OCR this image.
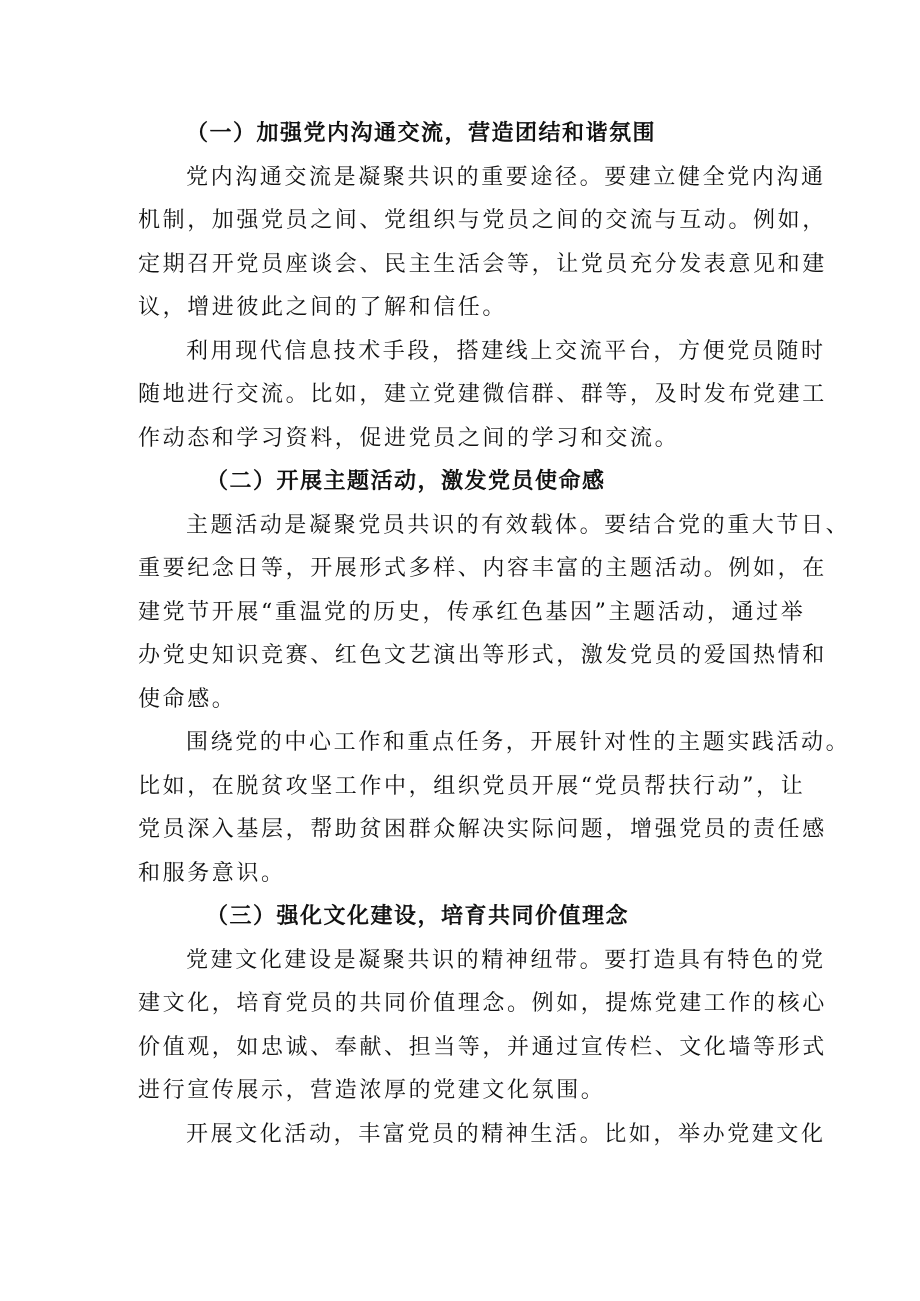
（一）加强党内沟通交流，营造团结和谐氛围
党内沟通交流是凝聚共识的重要途径。要建立健全党内沟通
机制，加强党员之间、党组织与党员之间的交流与互动。例如，
定期召开党员座谈会、民主生活会等，让党员充分发表意见和建
议，增进彼此之间的了解和信任。
利用现代信息技术手段，搭建线上交流平台，方便党员随时
随地进行交流。比如，建立党建微信群、群等，及时发布党建工
作动态和学习资料，促进党员之间的学习和交流。
（二）开展主题活动，激发党员使命感
主题活动是凝聚党员共识的有效载体。要结合党的重大节日、
重要纪念日等，开展形式多样、内容丰富的主题活动。例如，在
建党节开展“重温党的历史，传承红色基因”主题活动，通过举
办党史知识竞赛、红色文艺演出等形式，激发党员的爱国热情和
使命感。
围绕党的中心工作和重点任务，开展针对性的主题实践活动。
比如，在脱贫攻坚工作中，组织党员开展“党员帮扶行动”，让
党员深入基层，帮助贫困群众解决实际问题，增强党员的责任感
和服务意识。
（三）强化文化建设，培育共同价值理念
党建文化建设是凝聚共识的精神纽带。要打造具有特色的党
建文化，培育党员的共同价值理念。例如，提炼党建工作的核心
价值观，如忠诚、奉献、担当等，并通过宣传栏、文化墙等形式
进行宣传展示，营造浓厚的党建文化氛围。
开展文化活动，丰富党员的精神生活。比如，举办党建文化
